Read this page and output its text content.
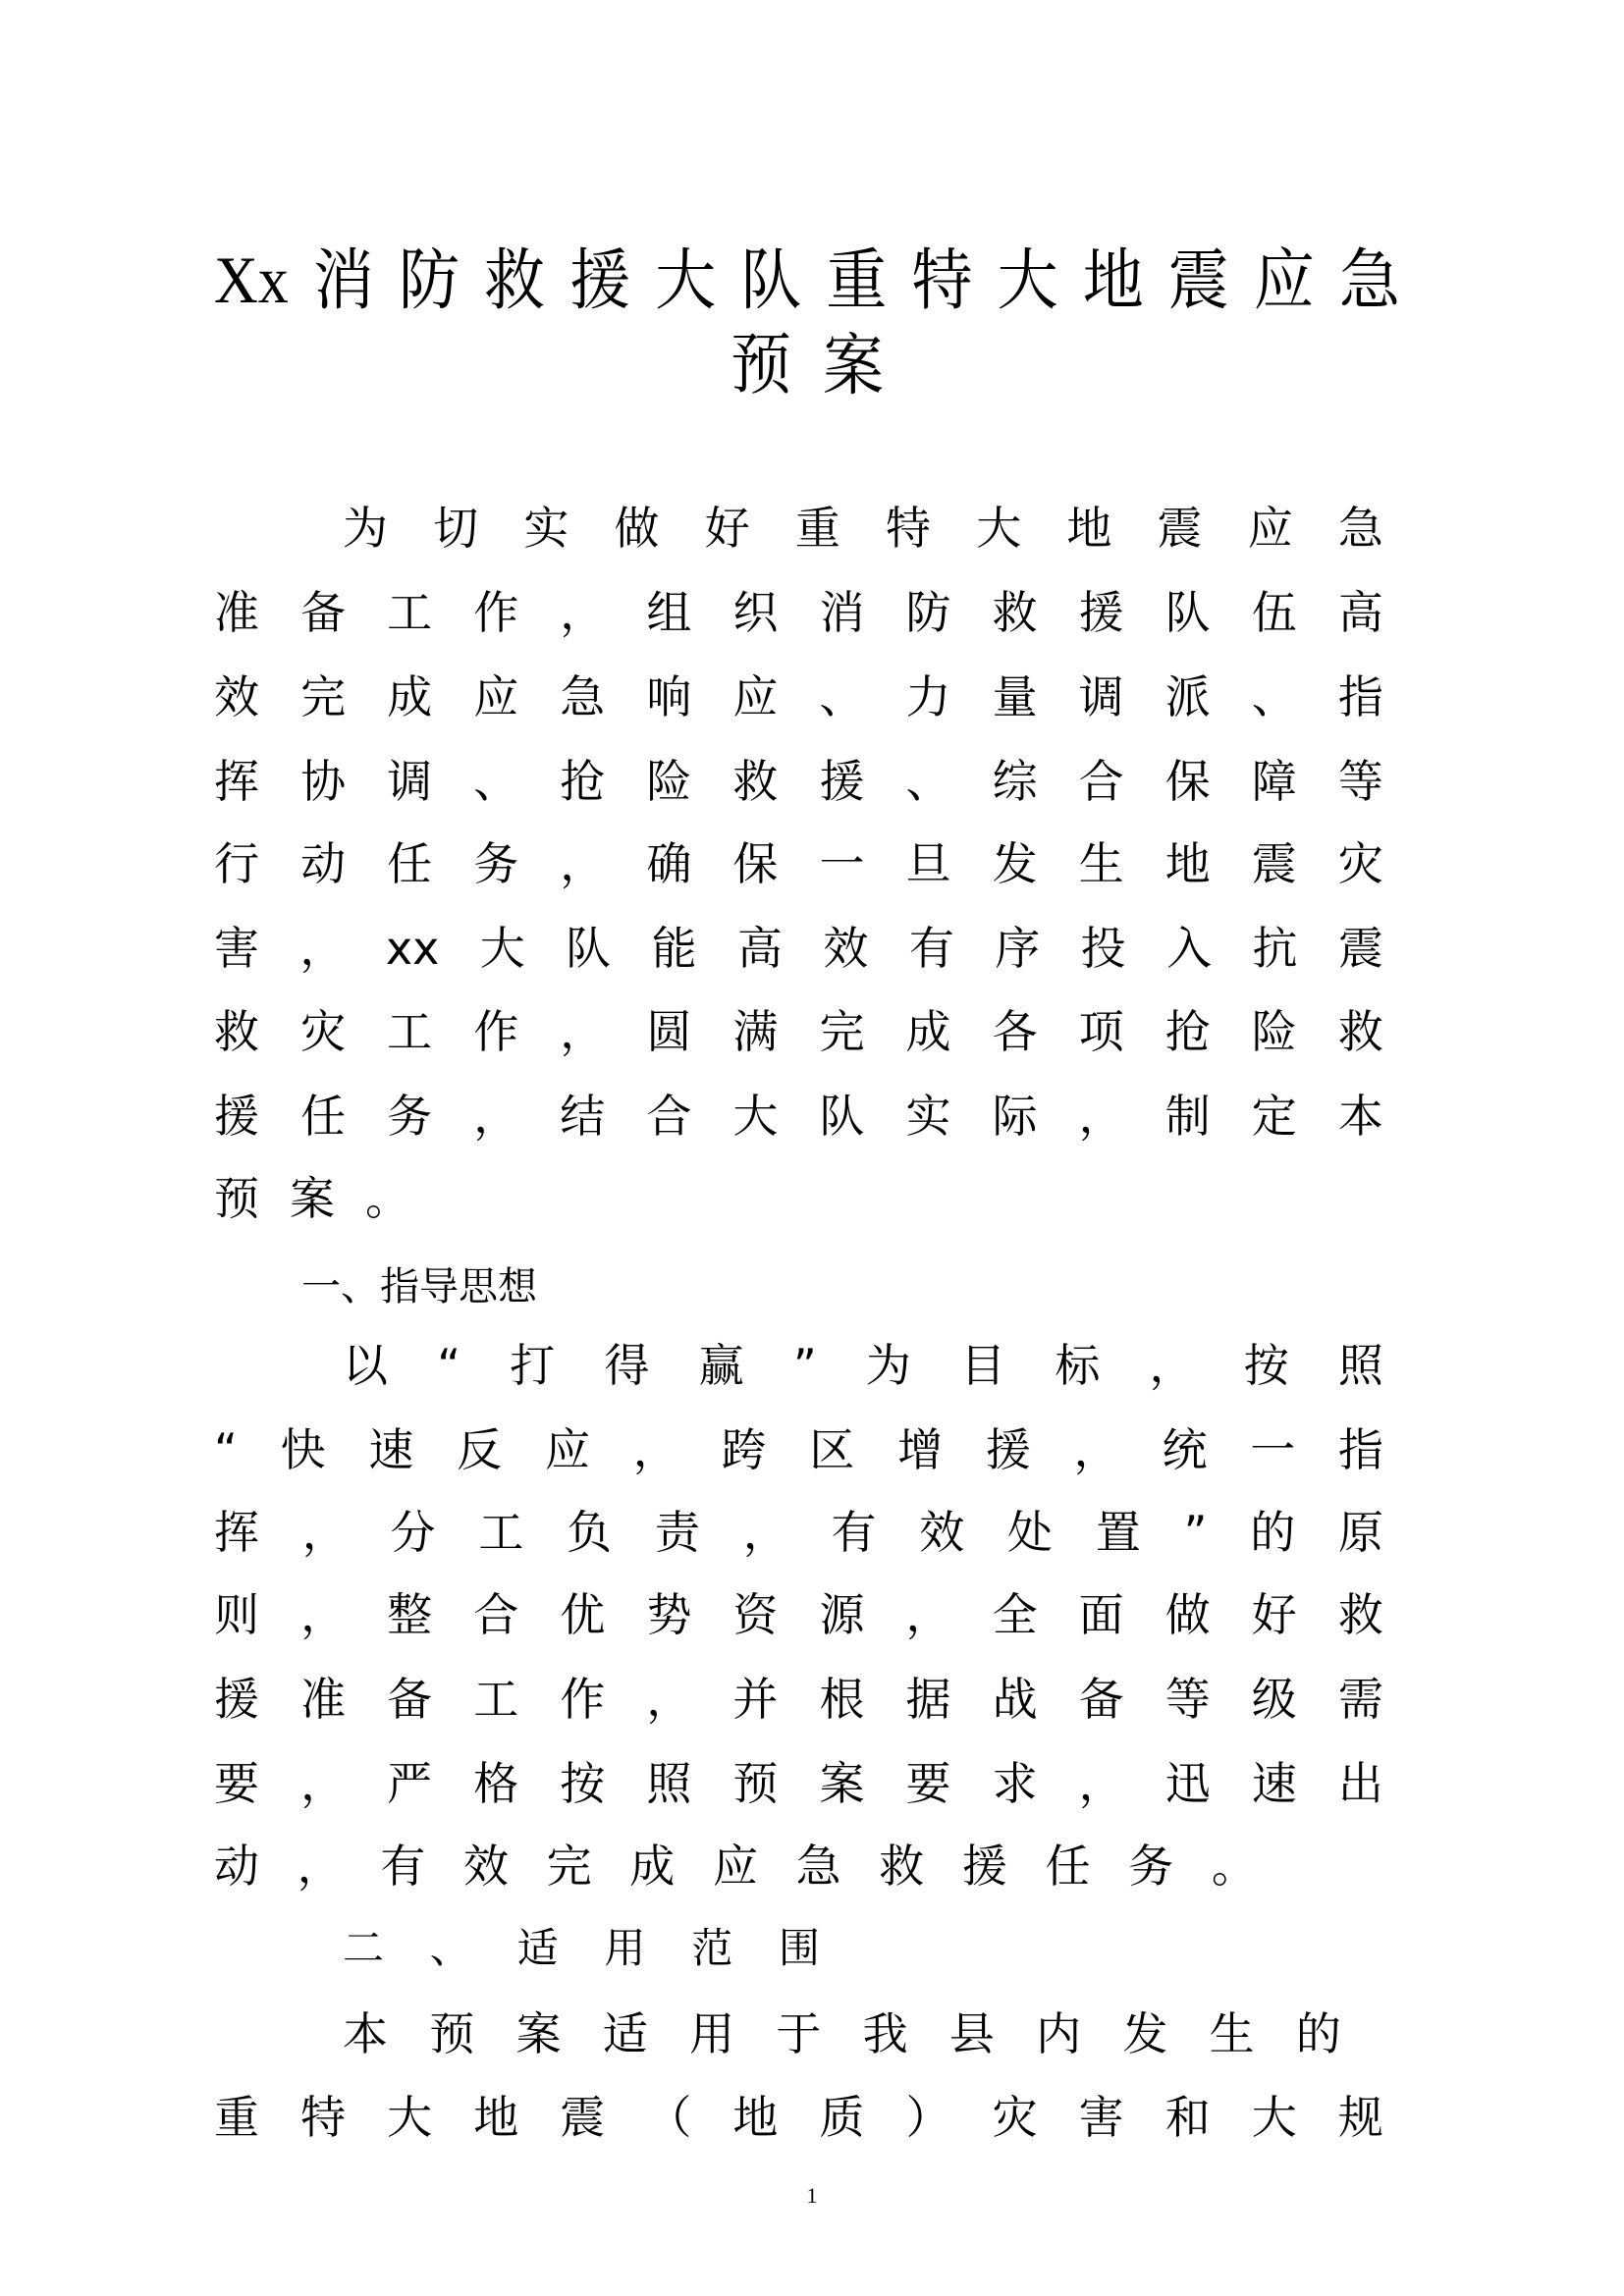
Xx 消 防 救 援 大 队 重 特 大 地 震 应 急
预 案
为 切 实 做 好 重 特 大 地 震 应 急
准 备 工 作 ， 组 织 消 防 救 援 队 伍 高
效 完 成 应 急 响 应 、 力 量 调 派 、 指
挥 协 调 、 抢 险 救 援 、 综 合 保 障 等
行 动 任 务 ， 确 保 一 旦 发 生 地 震 灾
害 ， xx 大 队 能 高 效 有 序 投 入 抗 震
救 灾 工 作 ， 圆 满 完 成 各 项 抢 险 救
援 任 务 ， 结 合 大 队 实 际 ， 制 定 本
预 案 。
一、指导思想
以 “ 打 得 赢 ” 为 目 标 ， 按 照
“ 快 速 反 应 ， 跨 区 增 援 ， 统 一 指
挥 ， 分 工 负 责 ， 有 效 处 置 ” 的 原
则 ， 整 合 优 势 资 源 ， 全 面 做 好 救
援 准 备 工 作 ， 并 根 据 战 备 等 级 需
要 ， 严 格 按 照 预 案 要 求 ， 迅 速 出
动 ， 有 效 完 成 应 急 救 援 任 务 。
二 、 适 用 范 围
本 预 案 适 用 于 我 县 内 发 生 的
重 特 大 地 震 （ 地 质 ） 灾 害 和 大 规
1
